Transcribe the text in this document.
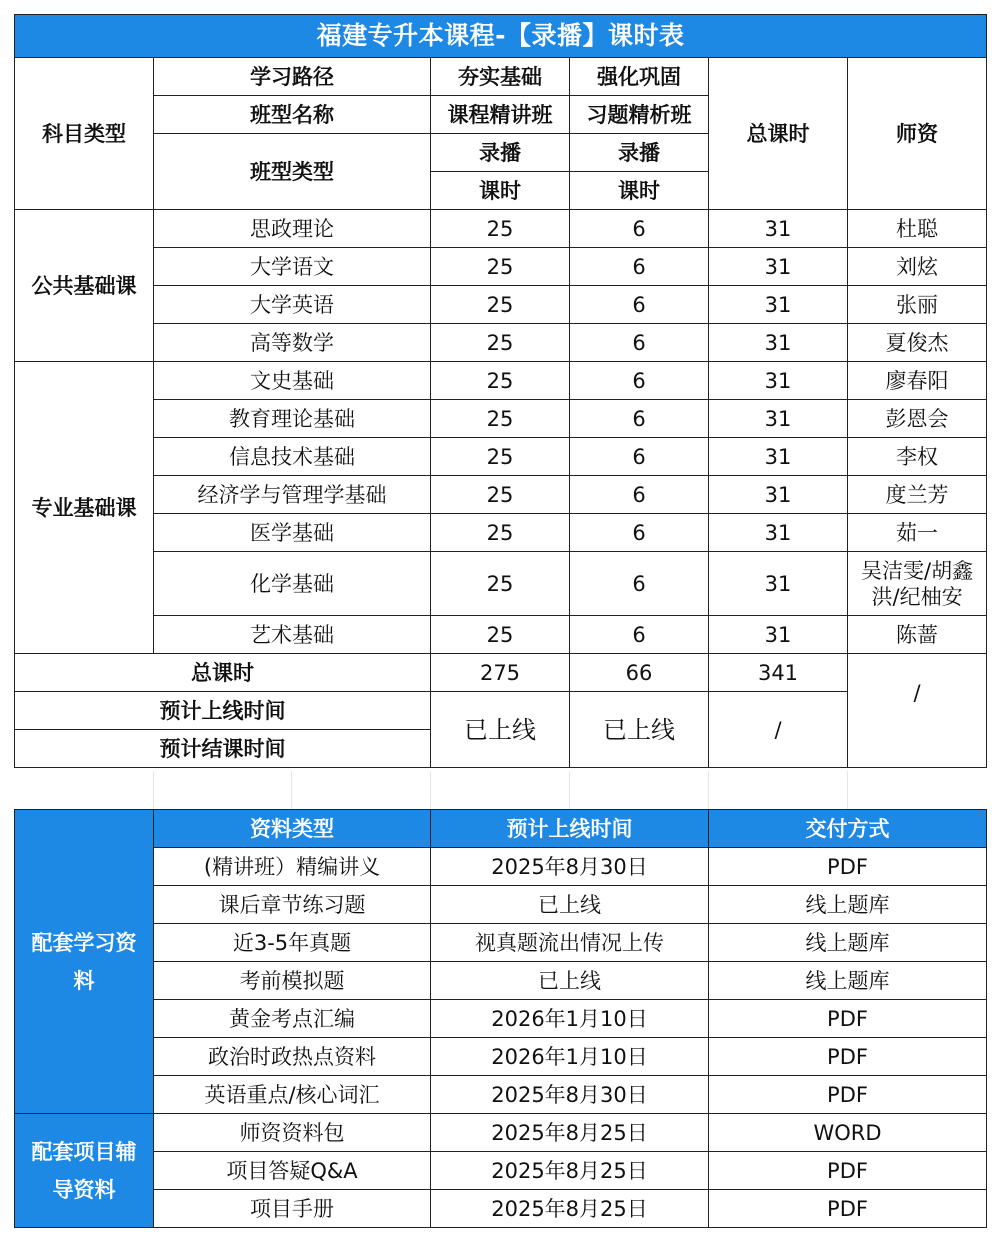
福建专升本课程-【录播】课时表					
科目类型	学习路径	夯实基础	强化巩固	总课时	师资
	班型名称	课程精讲班	习题精析班		
	班型类型	录播	录播		
		课时	课时		
公共基础课	思政理论	25	6	31	杜聪
	大学语文	25	6	31	刘炫
	大学英语	25	6	31	张丽
	高等数学	25	6	31	夏俊杰
专业基础课	文史基础	25	6	31	廖春阳
	教育理论基础	25	6	31	彭恩会
	信息技术基础	25	6	31	李权
	经济学与管理学基础	25	6	31	度兰芳
	医学基础	25	6	31	茹一
	化学基础	25	6	31	吴洁雯/胡鑫洪/纪柚安
	艺术基础	25	6	31	陈蔷
总课时		275	66	341	/
预计上线时间		已上线	已上线	/	
预计结课时间					
配套学习资料	资料类型	预计上线时间	交付方式
	(精讲班）精编讲义	2025年8月30日	PDF
	课后章节练习题	已上线	线上题库
	近3-5年真题	视真题流出情况上传	线上题库
	考前模拟题	已上线	线上题库
	黄金考点汇编	2026年1月10日	PDF
	政治时政热点资料	2026年1月10日	PDF
	英语重点/核心词汇	2025年8月30日	PDF
配套项目辅导资料	师资资料包	2025年8月25日	WORD
	项目答疑Q&A	2025年8月25日	PDF
	项目手册	2025年8月25日	PDF
